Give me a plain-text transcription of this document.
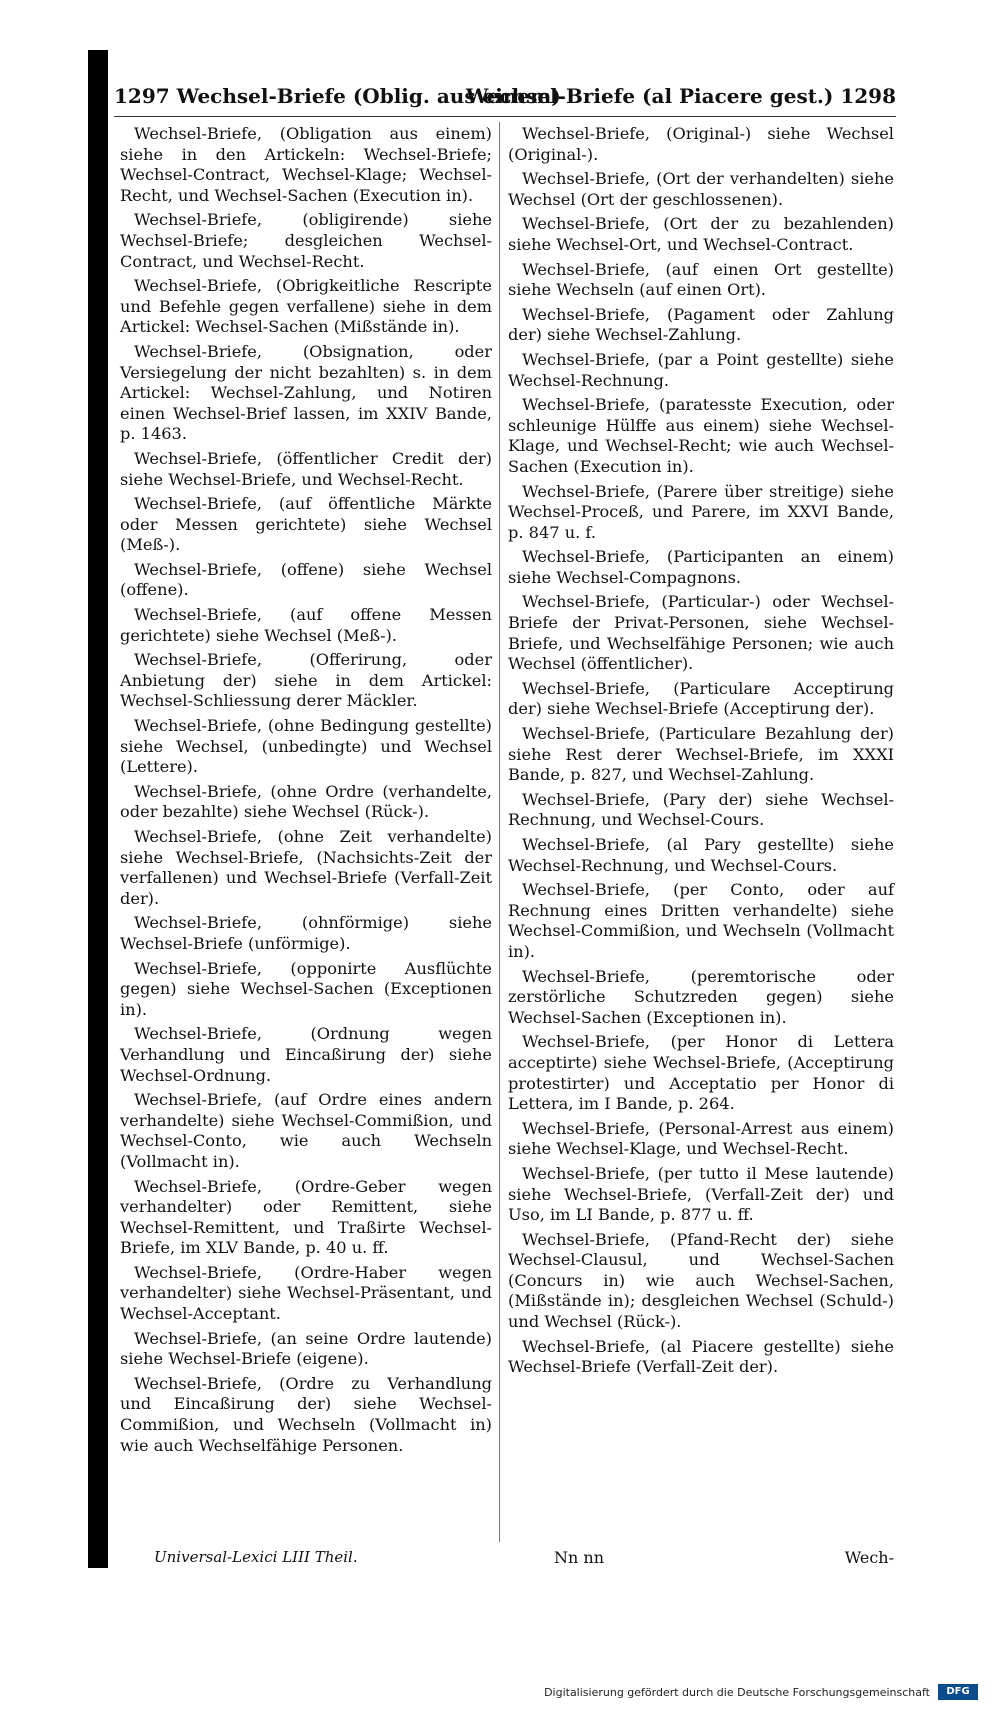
1297 Wechsel-Briefe (Oblig. aus einem)
Wechsel-Briefe (al Piacere gest.) 1298

Wechsel-Briefe, (Obligation aus einem) siehe in den Artickeln: Wechsel-Briefe; Wechsel-Contract, Wechsel-Klage; Wechsel-Recht, und Wechsel-Sachen (Execution in).

Wechsel-Briefe, (obligirende) siehe Wechsel-Briefe; desgleichen Wechsel-Contract, und Wechsel-Recht.

Wechsel-Briefe, (Obrigkeitliche Rescripte und Befehle gegen verfallene) siehe in dem Artickel: Wechsel-Sachen (Mißstände in).

Wechsel-Briefe, (Obsignation, oder Versiegelung der nicht bezahlten) s. in dem Artickel: Wechsel-Zahlung, und Notiren einen Wechsel-Brief lassen, im XXIV Bande, p. 1463.

Wechsel-Briefe, (öffentlicher Credit der) siehe Wechsel-Briefe, und Wechsel-Recht.

Wechsel-Briefe, (auf öffentliche Märkte oder Messen gerichtete) siehe Wechsel (Meß-).

Wechsel-Briefe, (offene) siehe Wechsel (offene).

Wechsel-Briefe, (auf offene Messen gerichtete) siehe Wechsel (Meß-).

Wechsel-Briefe, (Offerirung, oder Anbietung der) siehe in dem Artickel: Wechsel-Schliessung derer Mäckler.

Wechsel-Briefe, (ohne Bedingung gestellte) siehe Wechsel, (unbedingte) und Wechsel (Lettere).

Wechsel-Briefe, (ohne Ordre (verhandelte, oder bezahlte) siehe Wechsel (Rück-).

Wechsel-Briefe, (ohne Zeit verhandelte) siehe Wechsel-Briefe, (Nachsichts-Zeit der verfallenen) und Wechsel-Briefe (Verfall-Zeit der).

Wechsel-Briefe, (ohnförmige) siehe Wechsel-Briefe (unförmige).

Wechsel-Briefe, (opponirte Ausflüchte gegen) siehe Wechsel-Sachen (Exceptionen in).

Wechsel-Briefe, (Ordnung wegen Verhandlung und Eincaßirung der) siehe Wechsel-Ordnung.

Wechsel-Briefe, (auf Ordre eines andern verhandelte) siehe Wechsel-Commißion, und Wechsel-Conto, wie auch Wechseln (Vollmacht in).

Wechsel-Briefe, (Ordre-Geber wegen verhandelter) oder Remittent, siehe Wechsel-Remittent, und Traßirte Wechsel-Briefe, im XLV Bande, p. 40 u. ff.

Wechsel-Briefe, (Ordre-Haber wegen verhandelter) siehe Wechsel-Präsentant, und Wechsel-Acceptant.

Wechsel-Briefe, (an seine Ordre lautende) siehe Wechsel-Briefe (eigene).

Wechsel-Briefe, (Ordre zu Verhandlung und Eincaßirung der) siehe Wechsel-Commißion, und Wechseln (Vollmacht in) wie auch Wechselfähige Personen.

Wechsel-Briefe, (Original-) siehe Wechsel (Original-).

Wechsel-Briefe, (Ort der verhandelten) siehe Wechsel (Ort der geschlossenen).

Wechsel-Briefe, (Ort der zu bezahlenden) siehe Wechsel-Ort, und Wechsel-Contract.

Wechsel-Briefe, (auf einen Ort gestellte) siehe Wechseln (auf einen Ort).

Wechsel-Briefe, (Pagament oder Zahlung der) siehe Wechsel-Zahlung.

Wechsel-Briefe, (par a Point gestellte) siehe Wechsel-Rechnung.

Wechsel-Briefe, (paratesste Execution, oder schleunige Hülffe aus einem) siehe Wechsel-Klage, und Wechsel-Recht; wie auch Wechsel-Sachen (Execution in).

Wechsel-Briefe, (Parere über streitige) siehe Wechsel-Proceß, und Parere, im XXVI Bande, p. 847 u. f.

Wechsel-Briefe, (Participanten an einem) siehe Wechsel-Compagnons.

Wechsel-Briefe, (Particular-) oder Wechsel-Briefe der Privat-Personen, siehe Wechsel-Briefe, und Wechselfähige Personen; wie auch Wechsel (öffentlicher).

Wechsel-Briefe, (Particulare Acceptirung der) siehe Wechsel-Briefe (Acceptirung der).

Wechsel-Briefe, (Particulare Bezahlung der) siehe Rest derer Wechsel-Briefe, im XXXI Bande, p. 827, und Wechsel-Zahlung.

Wechsel-Briefe, (Pary der) siehe Wechsel-Rechnung, und Wechsel-Cours.

Wechsel-Briefe, (al Pary gestellte) siehe Wechsel-Rechnung, und Wechsel-Cours.

Wechsel-Briefe, (per Conto, oder auf Rechnung eines Dritten verhandelte) siehe Wechsel-Commißion, und Wechseln (Vollmacht in).

Wechsel-Briefe, (peremtorische oder zerstörliche Schutzreden gegen) siehe Wechsel-Sachen (Exceptionen in).

Wechsel-Briefe, (per Honor di Lettera acceptirte) siehe Wechsel-Briefe, (Acceptirung protestirter) und Acceptatio per Honor di Lettera, im I Bande, p. 264.

Wechsel-Briefe, (Personal-Arrest aus einem) siehe Wechsel-Klage, und Wechsel-Recht.

Wechsel-Briefe, (per tutto il Mese lautende) siehe Wechsel-Briefe, (Verfall-Zeit der) und Uso, im LI Bande, p. 877 u. ff.

Wechsel-Briefe, (Pfand-Recht der) siehe Wechsel-Clausul, und Wechsel-Sachen (Concurs in) wie auch Wechsel-Sachen, (Mißstände in); desgleichen Wechsel (Schuld-) und Wechsel (Rück-).

Wechsel-Briefe, (al Piacere gestellte) siehe Wechsel-Briefe (Verfall-Zeit der).

Universal-Lexici LIII Theil.	Nn nn	Wech-
Digitalisierung gefördert durch die Deutsche Forschungsgemeinschaft	DFG
